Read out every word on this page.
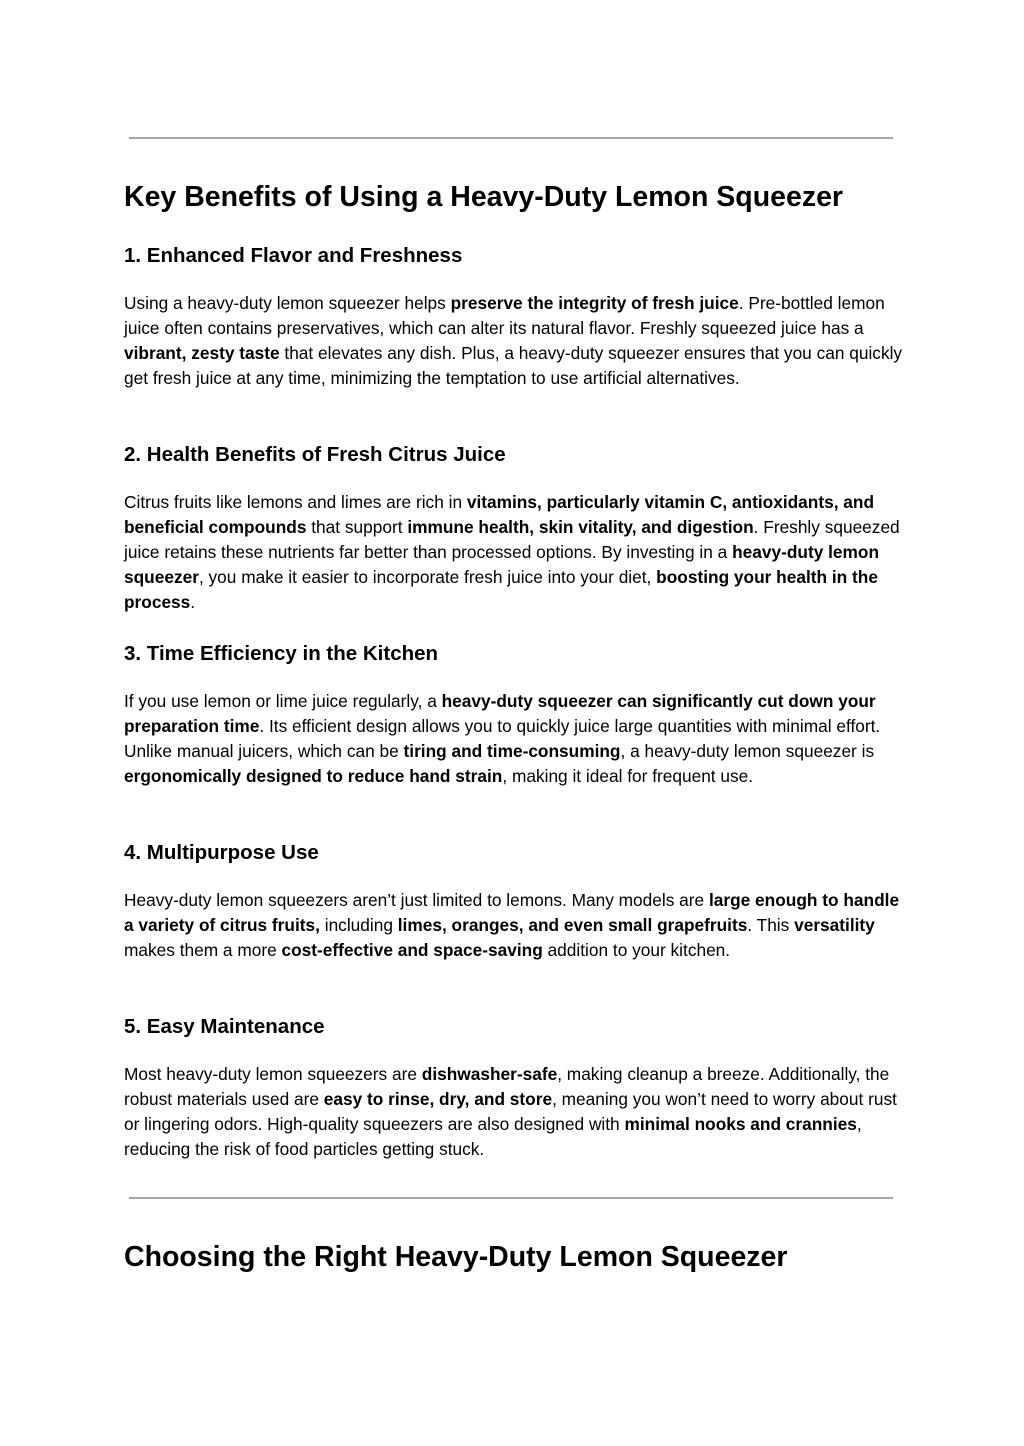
Key Benefits of Using a Heavy-Duty Lemon Squeezer
1. Enhanced Flavor and Freshness

Using a heavy-duty lemon squeezer helps preserve the integrity of fresh juice. Pre-bottled lemon juice often contains preservatives, which can alter its natural flavor. Freshly squeezed juice has a vibrant, zesty taste that elevates any dish. Plus, a heavy-duty squeezer ensures that you can quickly get fresh juice at any time, minimizing the temptation to use artificial alternatives.

2. Health Benefits of Fresh Citrus Juice

Citrus fruits like lemons and limes are rich in vitamins, particularly vitamin C, antioxidants, and beneficial compounds that support immune health, skin vitality, and digestion. Freshly squeezed juice retains these nutrients far better than processed options. By investing in a heavy-duty lemon squeezer, you make it easier to incorporate fresh juice into your diet, boosting your health in the process.

3. Time Efficiency in the Kitchen

If you use lemon or lime juice regularly, a heavy-duty squeezer can significantly cut down your preparation time. Its efficient design allows you to quickly juice large quantities with minimal effort. Unlike manual juicers, which can be tiring and time-consuming, a heavy-duty lemon squeezer is ergonomically designed to reduce hand strain, making it ideal for frequent use.

4. Multipurpose Use

Heavy-duty lemon squeezers aren’t just limited to lemons. Many models are large enough to handle a variety of citrus fruits, including limes, oranges, and even small grapefruits. This versatility makes them a more cost-effective and space-saving addition to your kitchen.

5. Easy Maintenance

Most heavy-duty lemon squeezers are dishwasher-safe, making cleanup a breeze. Additionally, the robust materials used are easy to rinse, dry, and store, meaning you won’t need to worry about rust or lingering odors. High-quality squeezers are also designed with minimal nooks and crannies, reducing the risk of food particles getting stuck.

Choosing the Right Heavy-Duty Lemon Squeezer
